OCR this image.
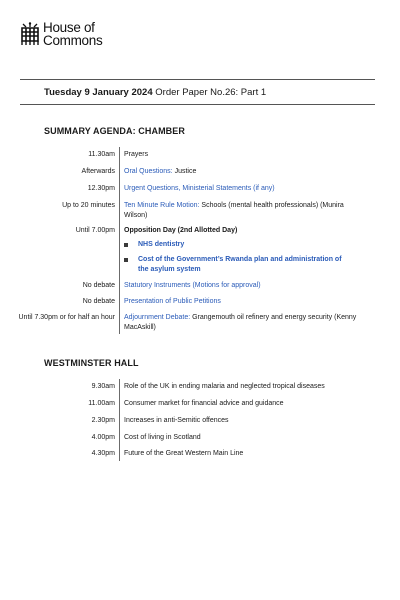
House of
Commons
Tuesday 9 January 2024 Order Paper No.26: Part 1
SUMMARY AGENDA: CHAMBER
11.30am Prayers
Afterwards Oral Questions: Justice
12.30pm Urgent Questions, Ministerial Statements (if any)
Up to 20 minutes Ten Minute Rule Motion: Schools (mental health professionals) (Munira Wilson)
Until 7.00pm Opposition Day (2nd Allotted Day)
NHS dentistry
Cost of the Government’s Rwanda plan and administration of the asylum system
No debate Statutory Instruments (Motions for approval)
No debate Presentation of Public Petitions
Until 7.30pm or for half an hour Adjournment Debate: Grangemouth oil refinery and energy security (Kenny MacAskill)
WESTMINSTER HALL
9.30am Role of the UK in ending malaria and neglected tropical diseases
11.00am Consumer market for financial advice and guidance
2.30pm Increases in anti-Semitic offences
4.00pm Cost of living in Scotland
4.30pm Future of the Great Western Main Line
